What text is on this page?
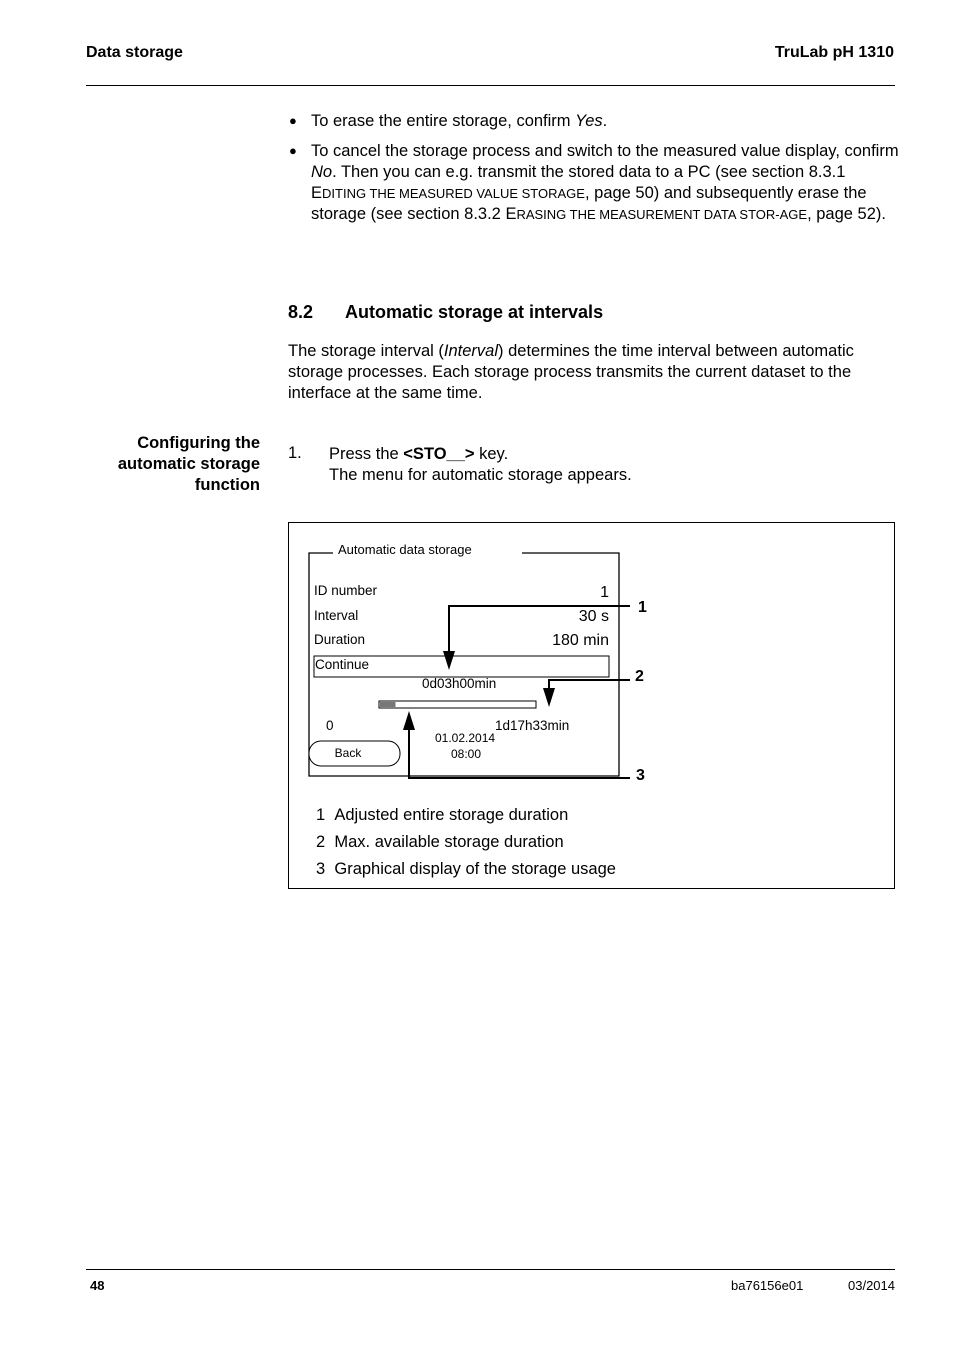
Data storage	TruLab pH 1310
● To erase the entire storage, confirm Yes.
● To cancel the storage process and switch to the measured value display, confirm No. Then you can e.g. transmit the stored data to a PC (see section 8.3.1 EDITING THE MEASURED VALUE STORAGE, page 50) and subsequently erase the storage (see section 8.3.2 ERASING THE MEASUREMENT DATA STOR-AGE, page 52).
8.2 Automatic storage at intervals
The storage interval (Interval) determines the time interval between automatic storage processes. Each storage process transmits the current dataset to the interface at the same time.
Configuring the
automatic storage
function
1. Press the <STO__> key.
The menu for automatic storage appears.
Automatic data storage
ID number	1
Interval	30 s
Duration	180 min
Continue
0d03h00min
0	1d17h33min
01.02.2014
08:00
Back
1
2
3
1 Adjusted entire storage duration
2 Max. available storage duration
3 Graphical display of the storage usage
48	ba76156e01	03/2014
